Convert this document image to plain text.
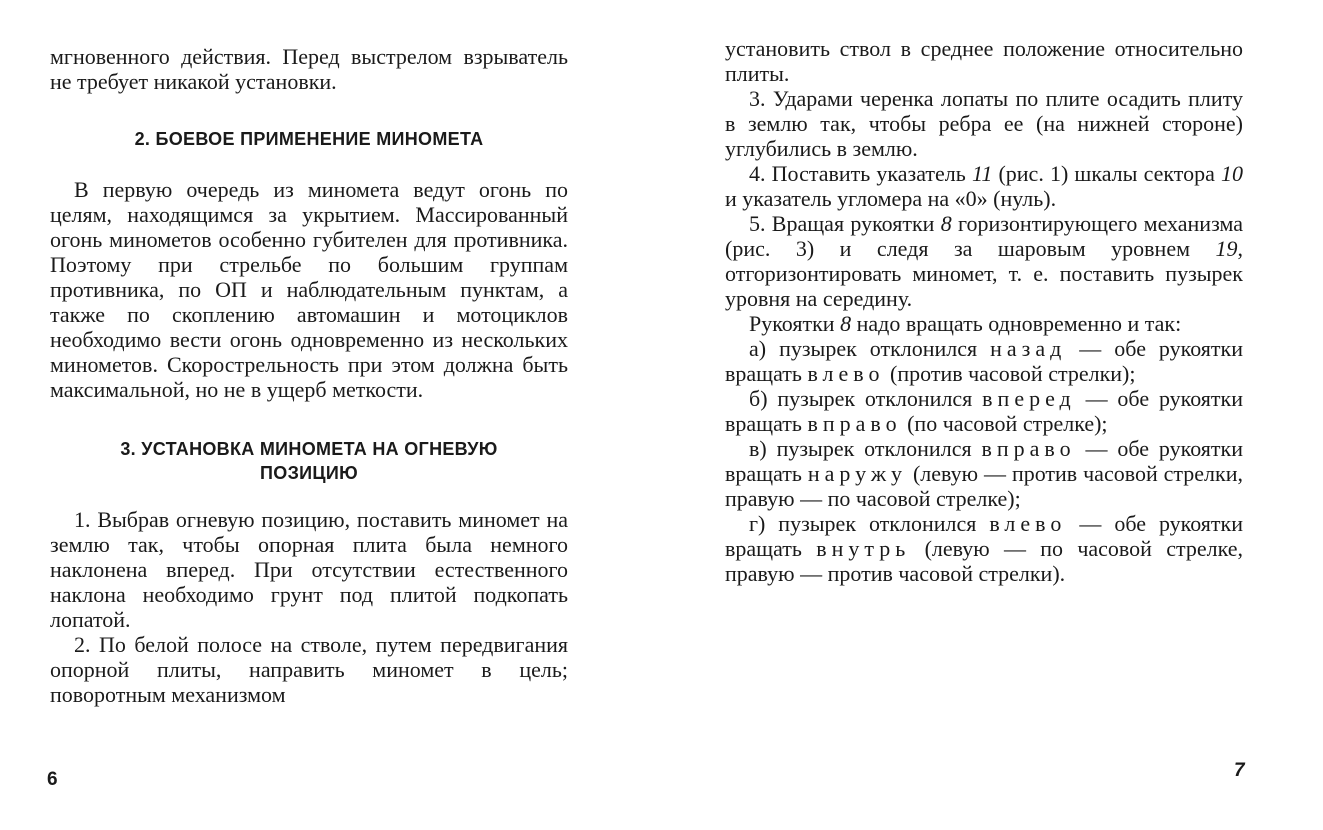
мгновенного действия. Перед выстрелом взрыватель не требует никакой установки.

2. БОЕВОЕ ПРИМЕНЕНИЕ МИНОМЕТА

В первую очередь из миномета ведут огонь по целям, находящимся за укрытием. Массированный огонь минометов особенно губителен для противника. Поэтому при стрельбе по большим группам противника, по ОП и наблюдательным пунктам, а также по скоплению автомашин и мотоциклов необходимо вести огонь одновременно из нескольких минометов. Скорострельность при этом должна быть максимальной, но не в ущерб меткости.

3. УСТАНОВКА МИНОМЕТА НА ОГНЕВУЮ
ПОЗИЦИЮ

1. Выбрав огневую позицию, поставить миномет на землю так, чтобы опорная плита была немного наклонена вперед. При отсутствии естественного наклона необходимо грунт под плитой подкопать лопатой.

2. По белой полосе на стволе, путем передвигания опорной плиты, направить миномет в цель; поворотным механизмом

6

установить ствол в среднее положение относительно плиты.

3. Ударами черенка лопаты по плите осадить плиту в землю так, чтобы ребра ее (на нижней стороне) углубились в землю.

4. Поставить указатель 11 (рис. 1) шкалы сектора 10 и указатель угломера на «0» (нуль).

5. Вращая рукоятки 8 горизонтирующего механизма (рис. 3) и следя за шаровым уровнем 19, отгоризонтировать миномет, т. е. поставить пузырек уровня на середину.

Рукоятки 8 надо вращать одновременно и так:

а) пузырек отклонился назад — обе рукоятки вращать влево (против часовой стрелки);

б) пузырек отклонился вперед — обе рукоятки вращать вправо (по часовой стрелке);

в) пузырек отклонился вправо — обе рукоятки вращать наружу (левую — против часовой стрелки, правую — по часовой стрелке);

г) пузырек отклонился влево — обе рукоятки вращать внутрь (левую — по часовой стрелке, правую — против часовой стрелки).

7
